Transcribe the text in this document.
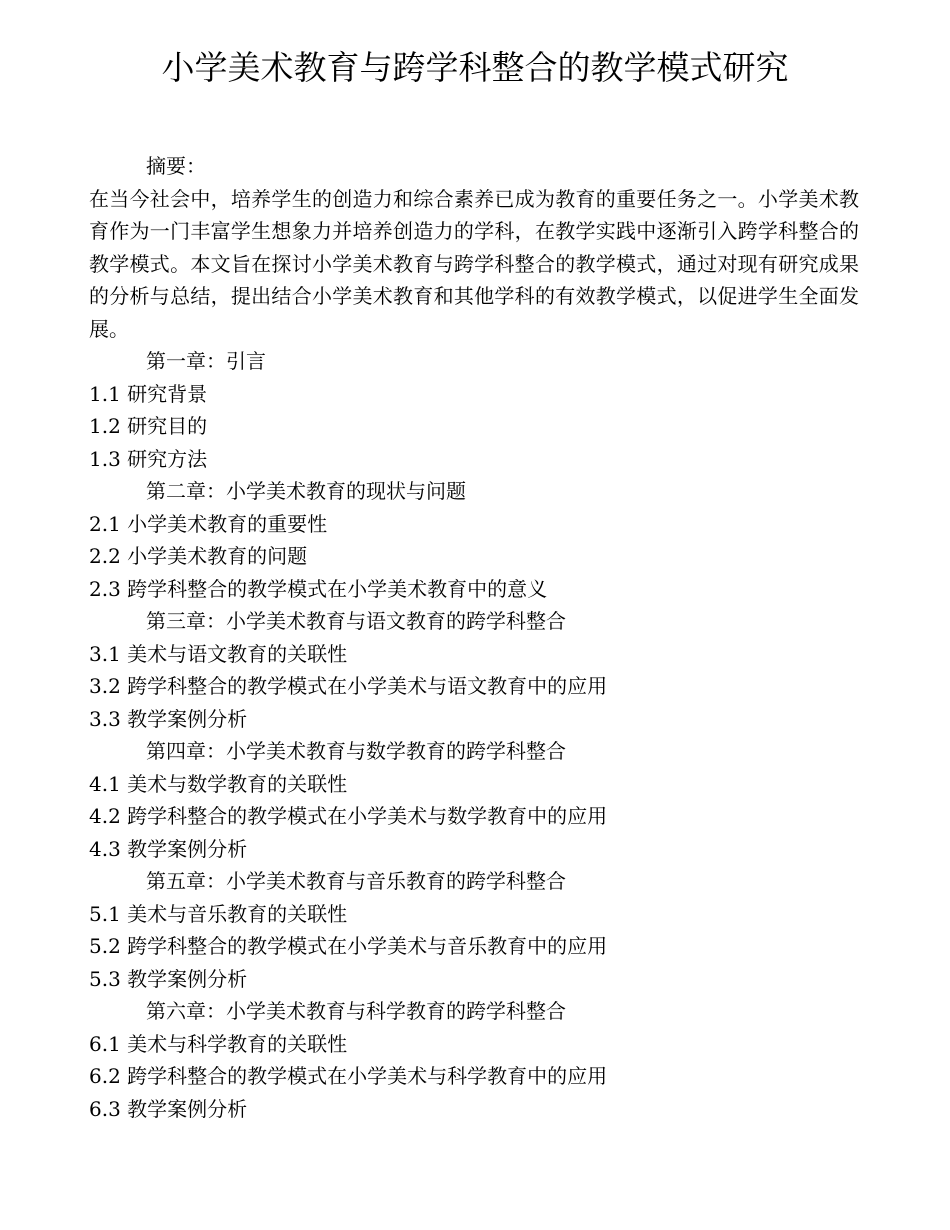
小学美术教育与跨学科整合的教学模式研究
摘要：

在当今社会中，培养学生的创造力和综合素养已成为教育的重要任务之一。小学美术教育作为一门丰富学生想象力并培养创造力的学科，在教学实践中逐渐引入跨学科整合的教学模式。本文旨在探讨小学美术教育与跨学科整合的教学模式，通过对现有研究成果的分析与总结，提出结合小学美术教育和其他学科的有效教学模式，以促进学生全面发展。

第一章：引言
1.1 研究背景
1.2 研究目的
1.3 研究方法
第二章：小学美术教育的现状与问题
2.1 小学美术教育的重要性
2.2 小学美术教育的问题
2.3 跨学科整合的教学模式在小学美术教育中的意义
第三章：小学美术教育与语文教育的跨学科整合
3.1 美术与语文教育的关联性
3.2 跨学科整合的教学模式在小学美术与语文教育中的应用
3.3 教学案例分析
第四章：小学美术教育与数学教育的跨学科整合
4.1 美术与数学教育的关联性
4.2 跨学科整合的教学模式在小学美术与数学教育中的应用
4.3 教学案例分析
第五章：小学美术教育与音乐教育的跨学科整合
5.1 美术与音乐教育的关联性
5.2 跨学科整合的教学模式在小学美术与音乐教育中的应用
5.3 教学案例分析
第六章：小学美术教育与科学教育的跨学科整合
6.1 美术与科学教育的关联性
6.2 跨学科整合的教学模式在小学美术与科学教育中的应用
6.3 教学案例分析
